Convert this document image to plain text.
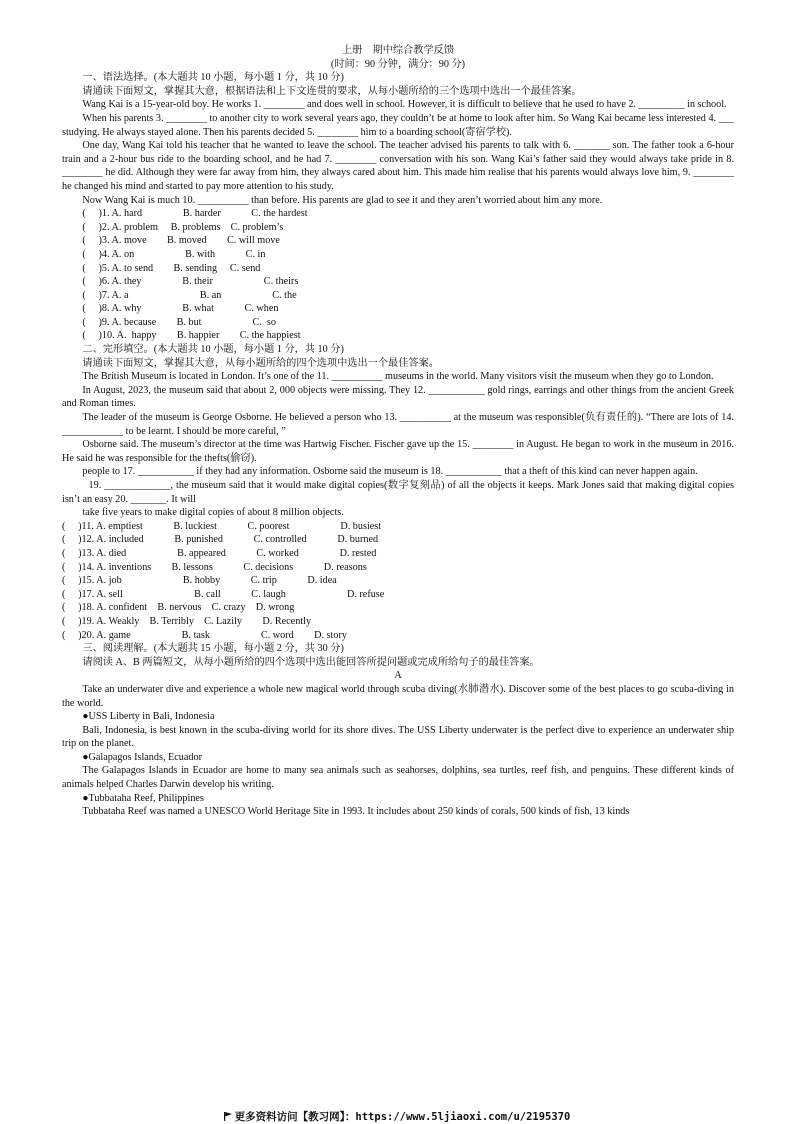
上册　期中综合教学反馈
(时间：90 分钟，满分：90 分)
一、语法选择。(本大题共 10 小题，每小题 1 分，共 10 分)
请通读下面短文，掌握其大意，根据语法和上下文连贯的要求，从每小题所给的三个选项中选出一个最佳答案。
Wang Kai is a 15-year-old boy. He works 1. ________ and does well in school. However, it is difficult to believe that he used to have 2. _________ in school.
When his parents 3. ________ to another city to work several years ago, they couldn’t be at home to look after him. So Wang Kai became less interested 4. ___ studying. He always stayed alone. Then his parents decided 5. ________ him to a boarding school(寄宿学校).
One day, Wang Kai told his teacher that he wanted to leave the school. The teacher advised his parents to talk with 6. _______ son. The father took a 6-hour train and a 2-hour bus ride to the boarding school, and he had 7. ________ conversation with his son. Wang Kai’s father said they would always take pride in 8. ________ he did. Although they were far away from him, they always cared about him. This made him realise that his parents would always love him, 9. ________ he changed his mind and started to pay more attention to his study.
Now Wang Kai is much 10. __________ than before. His parents are glad to see it and they aren’t worried about him any more.
(　 )1. A. hard　　　　B. harder　　　C. the hardest
(　 )2. A. problem　 B. problems　C. problem’s
(　 )3. A. move　　B. moved　　C. will move
(　 )4. A. on　　　　　B. with　　　C. in
(　 )5. A. to send　　B. sending　 C. send
(　 )6. A. they　　　　B. their　　　　　C. theirs
(　 )7. A. a　　　　　　　B. an　　　　　C. the
(　 )8. A. why　　　　B. what　　　C. when
(　 )9. A. because　　B. but　　　　　C.  so
(　 )10. A.  happy　　B. happier　　C. the happiest
二、完形填空。(本大题共 10 小题，每小题 1 分，共 10 分)
请通读下面短文，掌握其大意，从每小题所给的四个选项中选出一个最佳答案。
The British Museum is located in London. It’s one of the 11. __________ museums in the world. Many visitors visit the museum when they go to London.
In August, 2023, the museum said that about 2, 000 objects were missing. They 12. ___________ gold rings, earrings and other things from the ancient Greek and Roman times.
The leader of the museum is George Osborne. He believed a person who 13. __________ at the museum was responsible(负有责任的). “There are lots of 14. ____________ to be learnt. I should be more careful, ”
Osborne said. The museum’s director at the time was Hartwig Fischer. Fischer gave up the 15. ________ in August. He began to work in the museum in 2016. He said he was responsible for the thefts(偷窃).
people to 17. ___________ if they had any information. Osborne said the museum is 18. ___________ that a theft of this kind can never happen again.
19. _____________, the museum said that it would make digital copies(数字复刻品) of all the objects it keeps. Mark Jones said that making digital copies isn’t an easy 20. _______. It will
take five years to make digital copies of about 8 million objects.
(　 )11. A. emptiest　　　B. luckiest　　　C. poorest　　　　　D. busiest
(　 )12. A. included　　　B. punished　　　C. controlled　　　D. burned
(　 )13. A. died　　　　　B. appeared　　　C. worked　　　　D. rested
(　 )14. A. inventions　　B. lessons　　　C. decisions　　　D. reasons
(　 )15. A. job　　　　　　B. hobby　　　C. trip　　　D. idea
(　 )17. A. sell　　　　　　　B. call　　　C. laugh　　　　　　D. refuse
(　 )18. A. confident　B. nervous　C. crazy　D. wrong
(　 )19. A. Weakly　B. Terribly　C. Lazily　　D. Recently
(　 )20. A. game　　　　　B. task　　　　　C. word　　D. story
三、阅读理解。(本大题共 15 小题，每小题 2 分，共 30 分)
请阅读 A、B 两篇短文，从每小题所给的四个选项中选出能回答所提问题或完成所给句子的最佳答案。
A
Take an underwater dive and experience a whole new magical world through scuba diving(水肺潜水). Discover some of the best places to go scuba-diving in the world.
●USS Liberty in Bali, Indonesia
Bali, Indonesia, is best known in the scuba-diving world for its shore dives. The USS Liberty underwater is the perfect dive to experience an underwater ship trip on the planet.
●Galapagos Islands, Ecuador
The Galapagos Islands in Ecuador are home to many sea animals such as seahorses, dolphins, sea turtles, reef fish, and penguins. These different kinds of animals helped Charles Darwin develop his writing.
●Tubbataha Reef, Philippines
Tubbataha Reef was named a UNESCO World Heritage Site in 1993. It includes about 250 kinds of corals, 500 kinds of fish, 13 kinds
更多资料访问【教习网】：https://www.5ljiaoxi.com/u/2195370
